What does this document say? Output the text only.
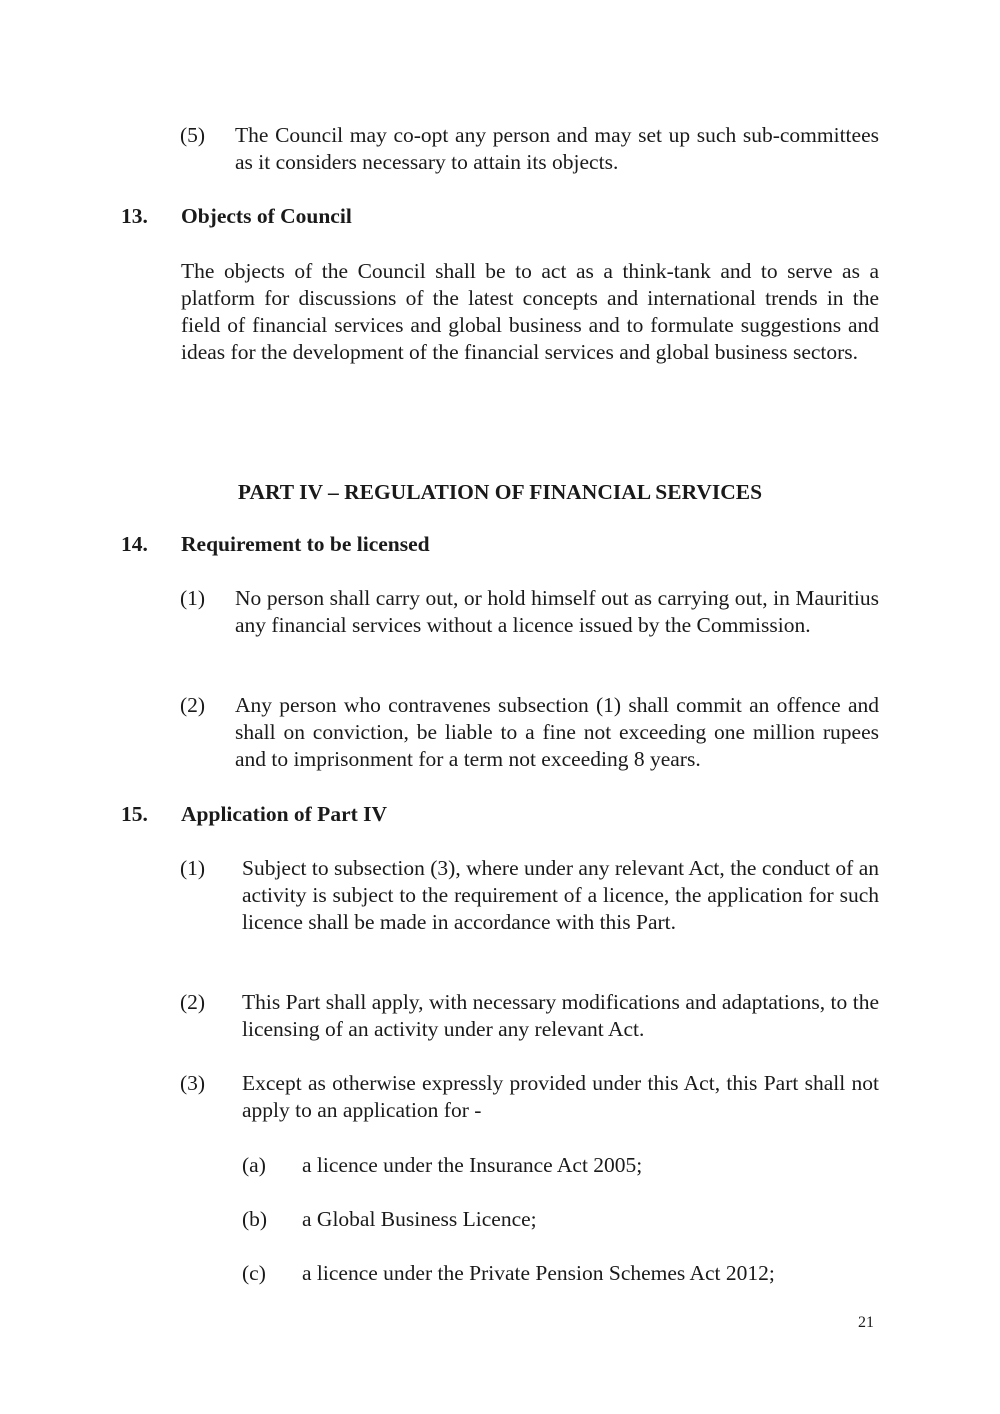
(5) The Council may co-opt any person and may set up such sub-committees as it considers necessary to attain its objects.
13. Objects of Council
The objects of the Council shall be to act as a think-tank and to serve as a platform for discussions of the latest concepts and international trends in the field of financial services and global business and to formulate suggestions and ideas for the development of the financial services and global business sectors.
PART IV – REGULATION OF FINANCIAL SERVICES
14. Requirement to be licensed
(1) No person shall carry out, or hold himself out as carrying out, in Mauritius any financial services without a licence issued by the Commission.
(2) Any person who contravenes subsection (1) shall commit an offence and shall on conviction, be liable to a fine not exceeding one million rupees and to imprisonment for a term not exceeding 8 years.
15. Application of Part IV
(1) Subject to subsection (3), where under any relevant Act, the conduct of an activity is subject to the requirement of a licence, the application for such licence shall be made in accordance with this Part.
(2) This Part shall apply, with necessary modifications and adaptations, to the licensing of an activity under any relevant Act.
(3) Except as otherwise expressly provided under this Act, this Part shall not apply to an application for -
(a) a licence under the Insurance Act 2005;
(b) a Global Business Licence;
(c) a licence under the Private Pension Schemes Act 2012;
21
